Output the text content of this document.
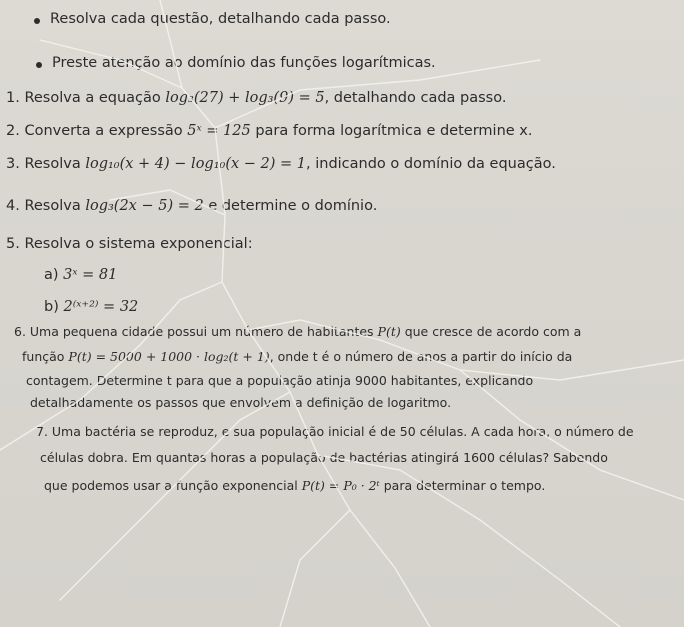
Resolva cada questão, detalhando cada passo.
Preste atenção ao domínio das funções logarítmicas.
1. Resolva a equação log₃(27) + log₃(9) = 5, detalhando cada passo.
2. Converta a expressão 5ˣ = 125 para forma logarítmica e determine x.
3. Resolva log₁₀(x + 4) − log₁₀(x − 2) = 1, indicando o domínio da equação.
4. Resolva log₃(2x − 5) = 2 e determine o domínio.
5. Resolva o sistema exponencial:
a) 3ˣ = 81
b) 2⁽ˣ⁺²⁾ = 32
6. Uma pequena cidade possui um número de habitantes P(t) que cresce de acordo com a
função P(t) = 5000 + 1000 · log₂(t + 1), onde t é o número de anos a partir do início da
contagem. Determine t para que a população atinja 9000 habitantes, explicando
detalhadamente os passos que envolvem a definição de logaritmo.
7. Uma bactéria se reproduz, e sua população inicial é de 50 células. A cada hora, o número de
células dobra. Em quantas horas a população de bactérias atingirá 1600 células? Sabendo
que podemos usar a função exponencial P(t) = P₀ · 2ᵗ para determinar o tempo.
